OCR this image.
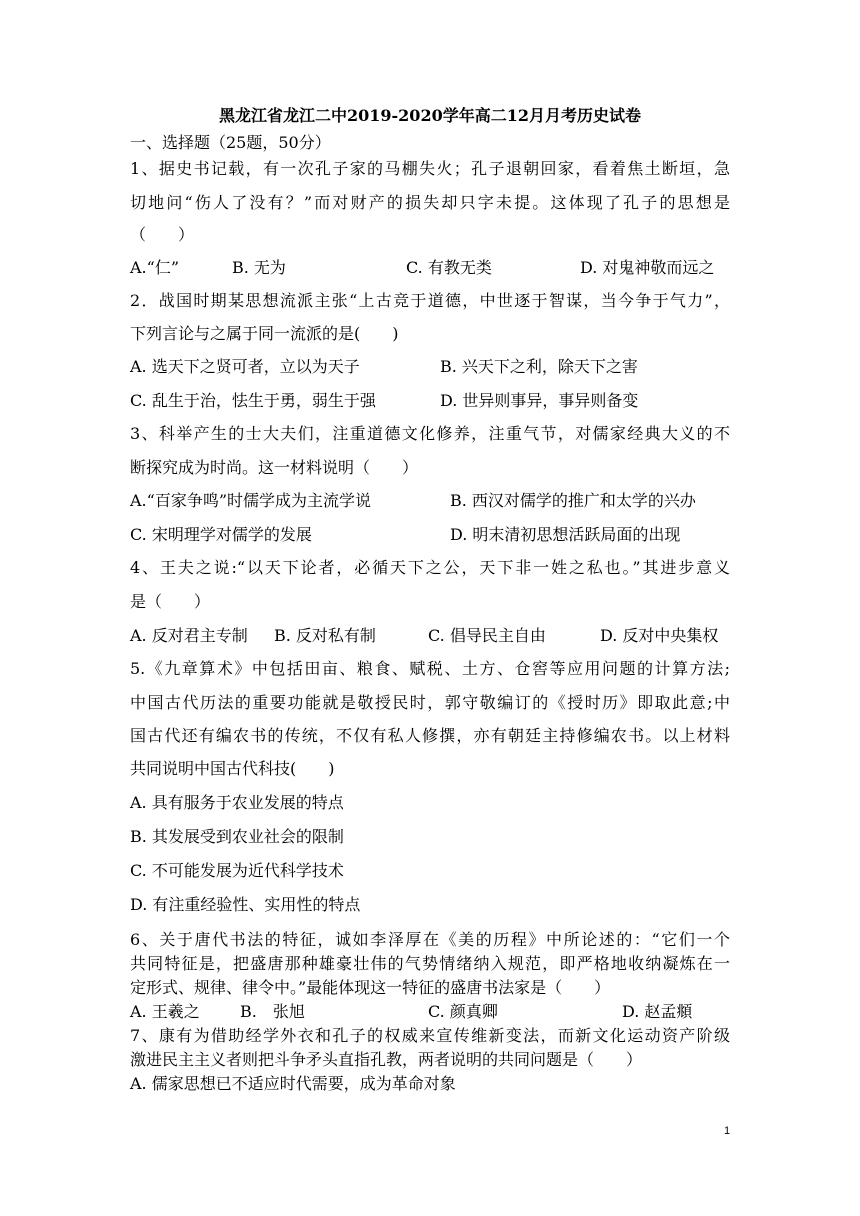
黑龙江省龙江二中2019-2020学年高二12月月考历史试卷
一、选择题（25题，50分）
1、据史书记载，有一次孔子家的马棚失火；孔子退朝回家，看着焦土断垣，急
切地问“伤人了没有？”而对财产的损失却只字未提。这体现了孔子的思想是
（　　）
A.“仁”	B. 无为	C. 有教无类	D. 对鬼神敬而远之
2．战国时期某思想流派主张“上古竞于道德，中世逐于智谋，当今争于气力”，
下列言论与之属于同一流派的是(　　)
A. 选天下之贤可者，立以为天子	B. 兴天下之利，除天下之害
C. 乱生于治，怯生于勇，弱生于强	D. 世异则事异，事异则备变
3、科举产生的士大夫们，注重道德文化修养，注重气节，对儒家经典大义的不
断探究成为时尚。这一材料说明（　　）
A.“百家争鸣”时儒学成为主流学说	B. 西汉对儒学的推广和太学的兴办
C. 宋明理学对儒学的发展	D. 明末清初思想活跃局面的出现
4、王夫之说:“以天下论者，必循天下之公，天下非一姓之私也。”其进步意义
是（　　）
A. 反对君主专制 B. 反对私有制	C. 倡导民主自由	D. 反对中央集权
5.《九章算术》中包括田亩、粮食、赋税、土方、仓窖等应用问题的计算方法;
中国古代历法的重要功能就是敬授民时，郭守敬编订的《授时历》即取此意;中
国古代还有编农书的传统，不仅有私人修撰，亦有朝廷主持修编农书。以上材料
共同说明中国古代科技(　　)
A. 具有服务于农业发展的特点
B. 其发展受到农业社会的限制
C. 不可能发展为近代科学技术
D. 有注重经验性、实用性的特点
6、关于唐代书法的特征，诚如李泽厚在《美的历程》中所论述的：“它们一个
共同特征是，把盛唐那种雄豪壮伟的气势情绪纳入规范，即严格地收纳凝炼在一
定形式、规律、律令中。”最能体现这一特征的盛唐书法家是（　　）
A. 王羲之	B.　张旭	C. 颜真卿	D. 赵孟頫
7、康有为借助经学外衣和孔子的权威来宣传维新变法，而新文化运动资产阶级
激进民主主义者则把斗争矛头直指孔教，两者说明的共同问题是（　　）
A. 儒家思想已不适应时代需要，成为革命对象
1
